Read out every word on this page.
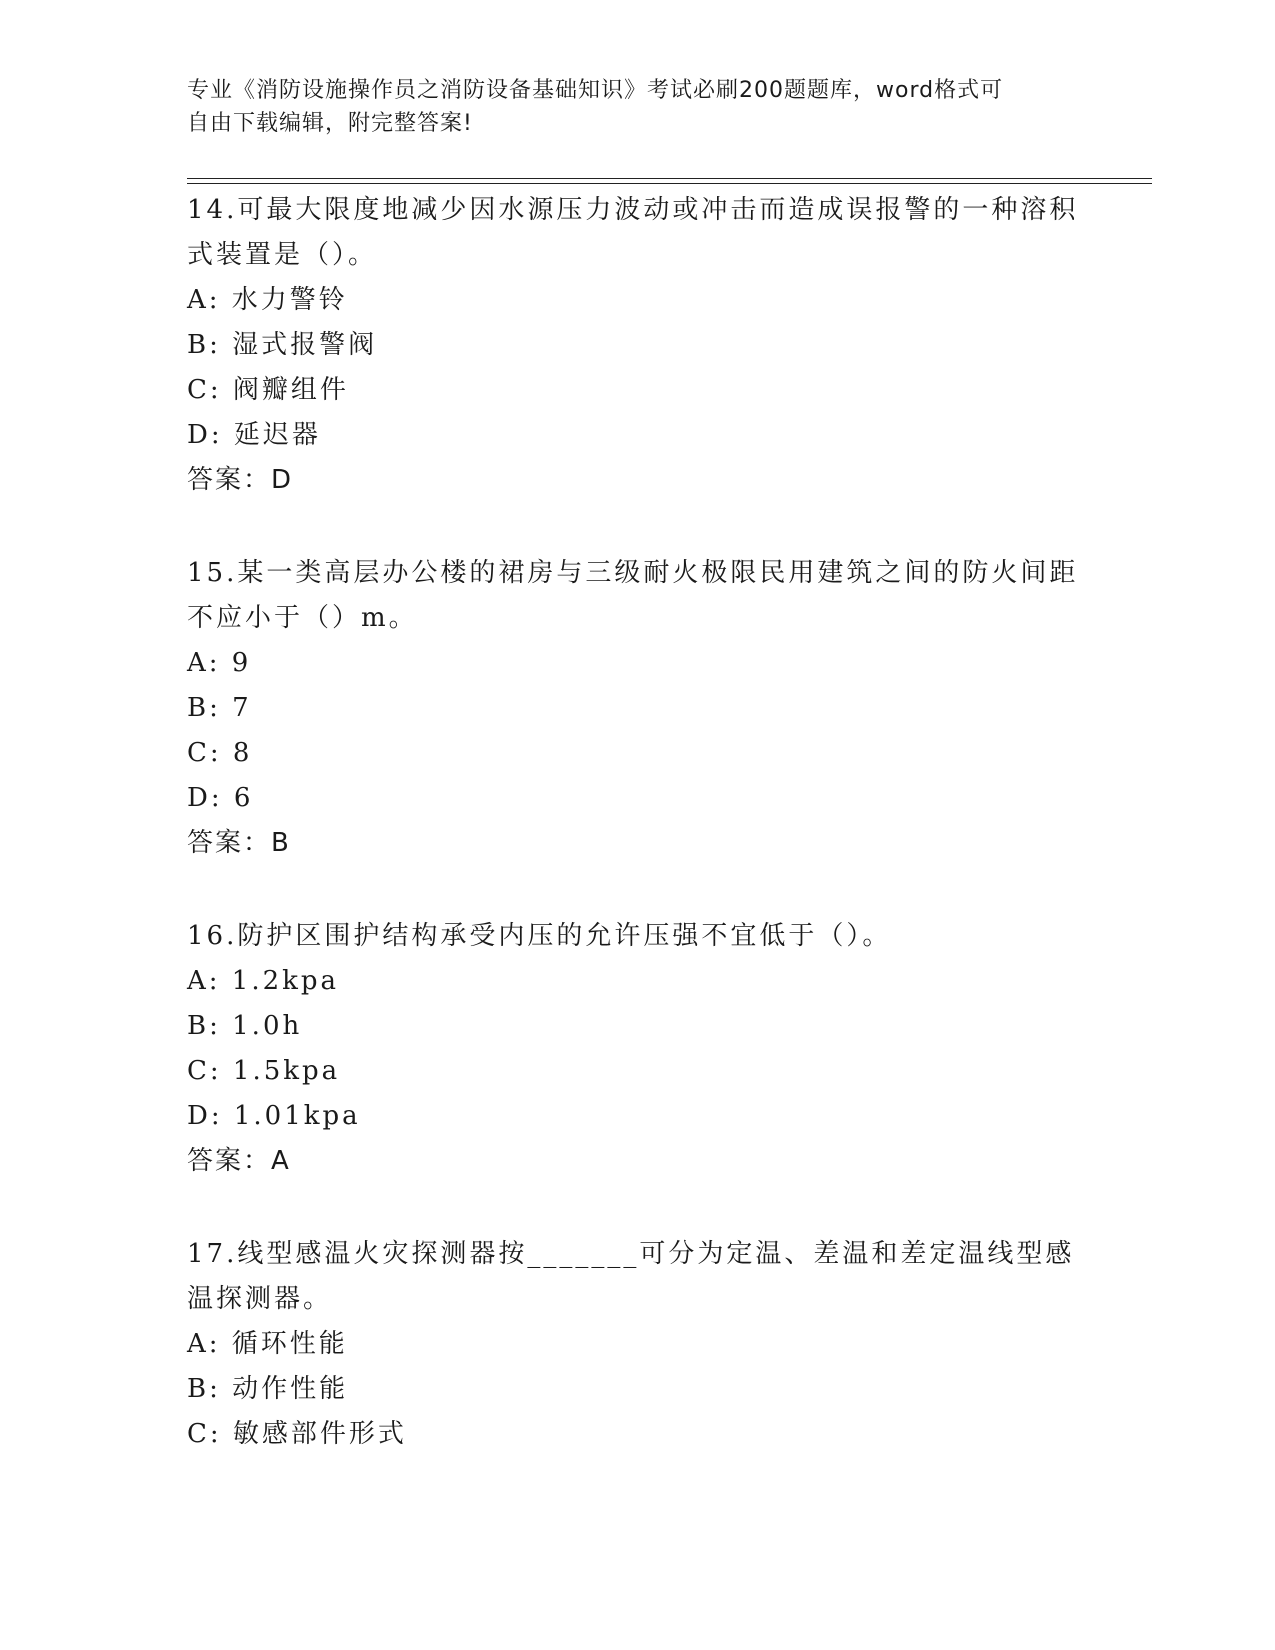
专业《消防设施操作员之消防设备基础知识》考试必刷200题题库，word格式可
自由下载编辑，附完整答案!
14.可最大限度地减少因水源压力波动或冲击而造成误报警的一种溶积
式装置是（）。
A: 水力警铃
B: 湿式报警阀
C: 阀瓣组件
D: 延迟器
答案：D
15.某一类高层办公楼的裙房与三级耐火极限民用建筑之间的防火间距
不应小于（）m。
A: 9
B: 7
C: 8
D: 6
答案：B
16.防护区围护结构承受内压的允许压强不宜低于（）。
A: 1.2kpa
B: 1.0h
C: 1.5kpa
D: 1.01kpa
答案：A
17.线型感温火灾探测器按_______可分为定温、差温和差定温线型感
温探测器。
A: 循环性能
B: 动作性能
C: 敏感部件形式
